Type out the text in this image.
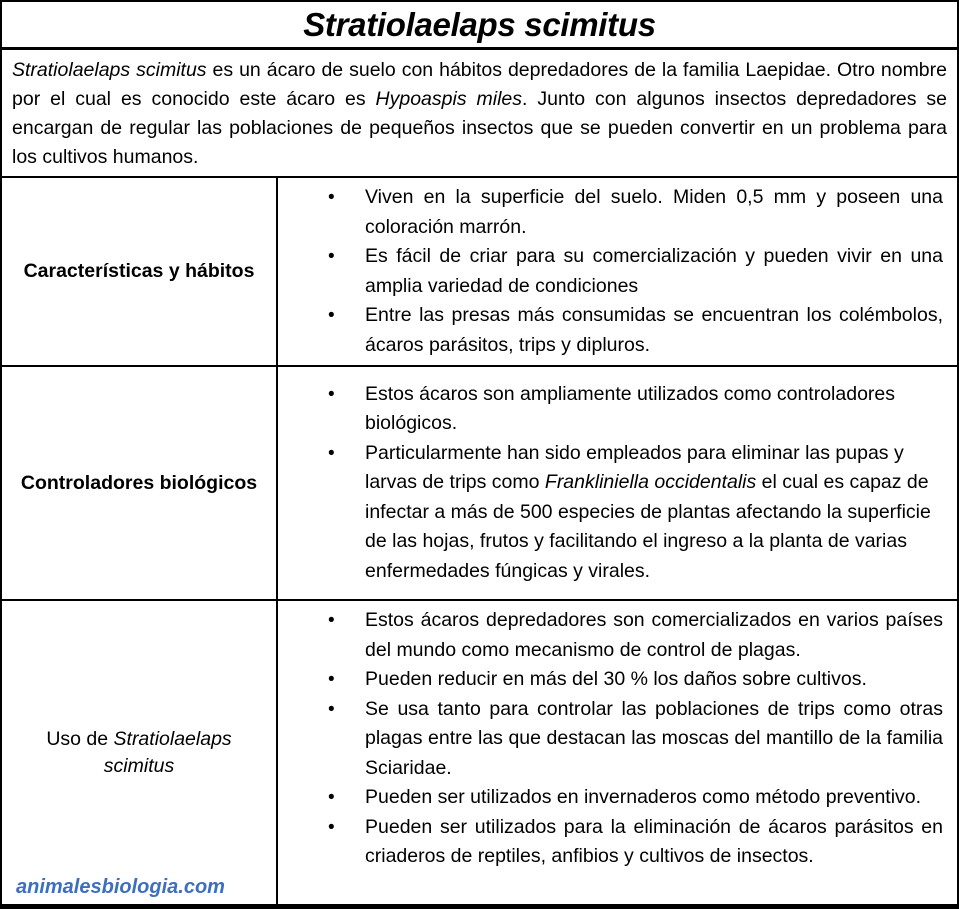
Stratiolaelaps scimitus

Stratiolaelaps scimitus es un ácaro de suelo con hábitos depredadores de la familia Laepidae. Otro nombre por el cual es conocido este ácaro es Hypoaspis miles. Junto con algunos insectos depredadores se encargan de regular las poblaciones de pequeños insectos que se pueden convertir en un problema para los cultivos humanos.

Características y hábitos
• Viven en la superficie del suelo. Miden 0,5 mm y poseen una coloración marrón.
• Es fácil de criar para su comercialización y pueden vivir en una amplia variedad de condiciones
• Entre las presas más consumidas se encuentran los colémbolos, ácaros parásitos, trips y dipluros.
Controladores biológicos
• Estos ácaros son ampliamente utilizados como controladores biológicos.
• Particularmente han sido empleados para eliminar las pupas y larvas de trips como Frankliniella occidentalis el cual es capaz de infectar a más de 500 especies de plantas afectando la superficie de las hojas, frutos y facilitando el ingreso a la planta de varias enfermedades fúngicas y virales.
Uso de Stratiolaelaps scimitus
• Estos ácaros depredadores son comercializados en varios países del mundo como mecanismo de control de plagas.
• Pueden reducir en más del 30 % los daños sobre cultivos.
• Se usa tanto para controlar las poblaciones de trips como otras plagas entre las que destacan las moscas del mantillo de la familia Sciaridae.
• Pueden ser utilizados en invernaderos como método preventivo.
• Pueden ser utilizados para la eliminación de ácaros parásitos en criaderos de reptiles, anfibios y cultivos de insectos.
animalesbiologia.com
